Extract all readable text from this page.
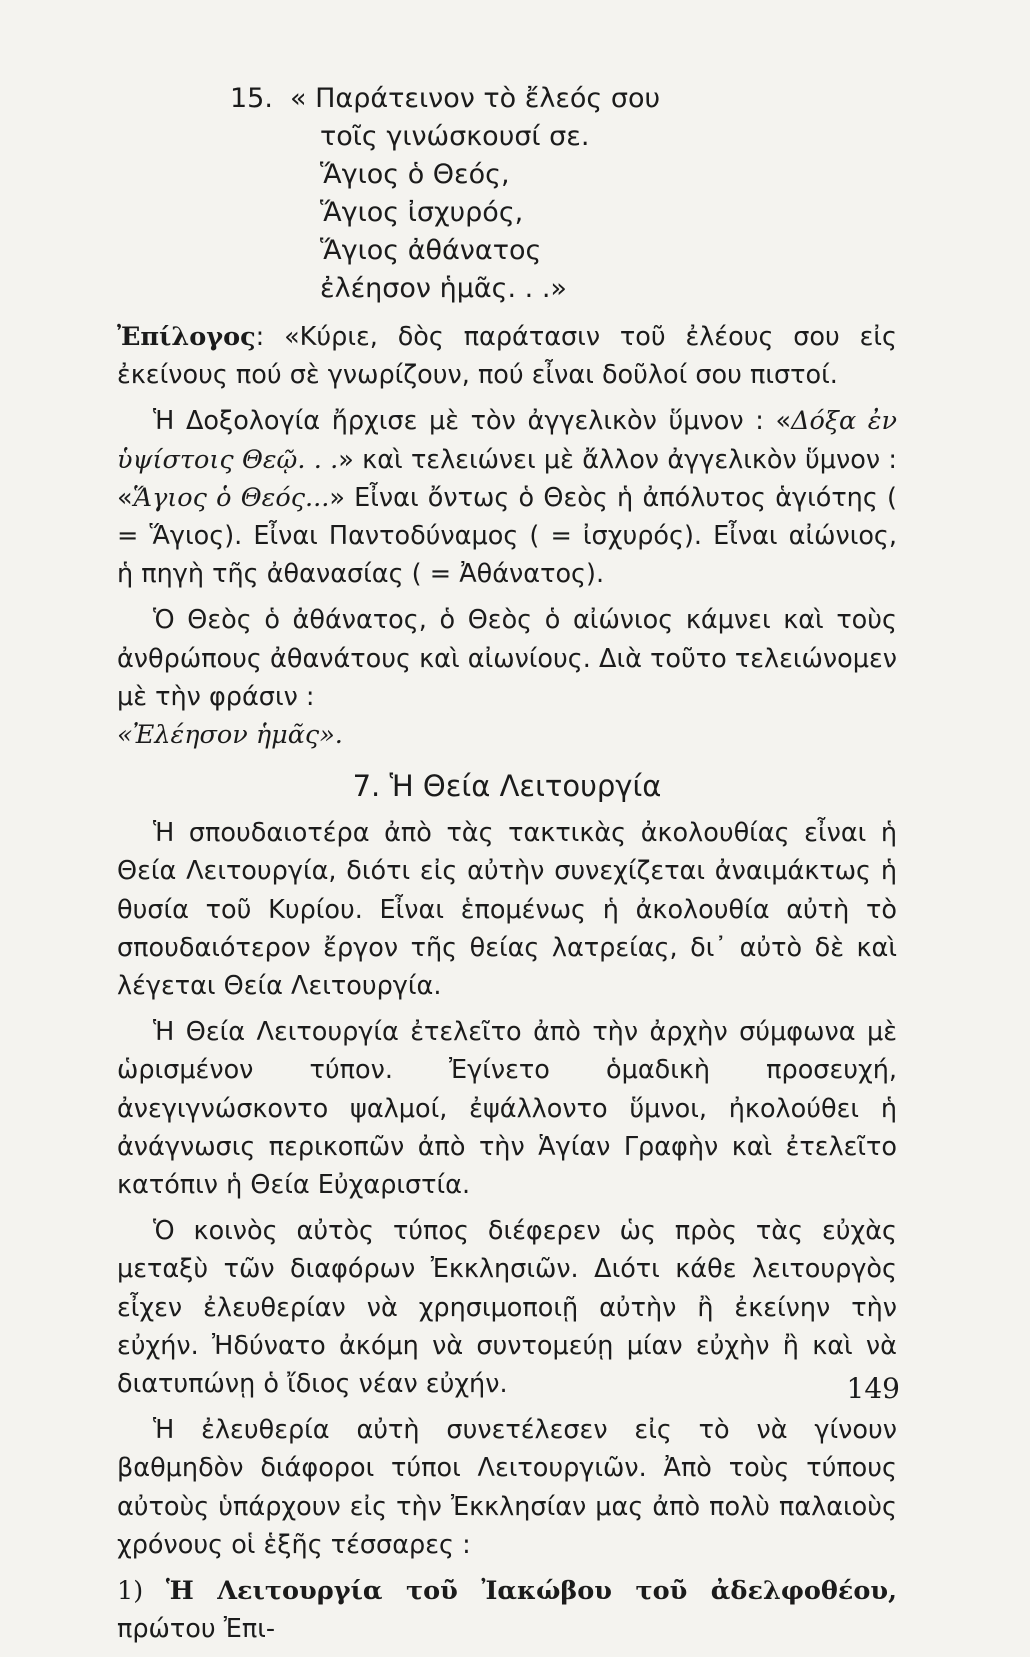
15. « Παράτεινον τὸ ἔλεός σου
τοῖς γινώσκουσί σε.
Ἅγιος ὁ Θεός,
Ἅγιος ἰσχυρός,
Ἅγιος ἀθάνατος
ἐλέησον ἡμᾶς. . .»

Ἐπίλογος: «Κύριε, δὸς παράτασιν τοῦ ἐλέους σου εἰς ἐκείνους πού σὲ γνωρίζουν, πού εἶναι δοῦλοί σου πιστοί.

Ἡ Δοξολογία ἤρχισε μὲ τὸν ἀγγελικὸν ὕμνον : «Δόξα ἐν ὑψίστοις Θεῷ. . .» καὶ τελειώνει μὲ ἄλλον ἀγγελικὸν ὕμνον : «Ἅγιος ὁ Θεός...» Εἶναι ὄντως ὁ Θεὸς ἡ ἀπόλυτος ἁγιότης ( = Ἅγιος). Εἶναι Παντοδύναμος ( = ἰσχυρός). Εἶναι αἰώνιος, ἡ πηγὴ τῆς ἀθανασίας ( = Ἀθάνατος).

Ὁ Θεὸς ὁ ἀθάνατος, ὁ Θεὸς ὁ αἰώνιος κάμνει καὶ τοὺς ἀνθρώπους ἀθανάτους καὶ αἰωνίους. Διὰ τοῦτο τελειώνομεν μὲ τὴν φράσιν :
«Ἐλέησον ἡμᾶς».

7. Ἡ Θεία Λειτουργία

Ἡ σπουδαιοτέρα ἀπὸ τὰς τακτικὰς ἀκολουθίας εἶναι ἡ Θεία Λειτουργία, διότι εἰς αὐτὴν συνεχίζεται ἀναιμάκτως ἡ θυσία τοῦ Κυρίου. Εἶναι ἑπομένως ἡ ἀκολουθία αὐτὴ τὸ σπουδαιότερον ἔργον τῆς θείας λατρείας, δι᾽ αὐτὸ δὲ καὶ λέγεται Θεία Λειτουργία.

Ἡ Θεία Λειτουργία ἐτελεῖτο ἀπὸ τὴν ἀρχὴν σύμφωνα μὲ ὡρισμένον τύπον. Ἐγίνετο ὁμαδικὴ προσευχή, ἀνεγιγνώσκοντο ψαλμοί, ἐψάλλοντο ὕμνοι, ἠκολούθει ἡ ἀνάγνωσις περικοπῶν ἀπὸ τὴν Ἁγίαν Γραφὴν καὶ ἐτελεῖτο κατόπιν ἡ Θεία Εὐχαριστία.

Ὁ κοινὸς αὐτὸς τύπος διέφερεν ὡς πρὸς τὰς εὐχὰς μεταξὺ τῶν διαφόρων Ἐκκλησιῶν. Διότι κάθε λειτουργὸς εἶχεν ἐλευθερίαν νὰ χρησιμοποιῇ αὐτὴν ἢ ἐκείνην τὴν εὐχήν. Ἠδύνατο ἀκόμη νὰ συντομεύῃ μίαν εὐχὴν ἢ καὶ νὰ διατυπώνῃ ὁ ἴδιος νέαν εὐχήν.

Ἡ ἐλευθερία αὐτὴ συνετέλεσεν εἰς τὸ νὰ γίνουν βαθμηδὸν διάφοροι τύποι Λειτουργιῶν. Ἀπὸ τοὺς τύπους αὐτοὺς ὑπάρχουν εἰς τὴν Ἐκκλησίαν μας ἀπὸ πολὺ παλαιοὺς χρόνους οἱ ἑξῆς τέσσαρες :

1) Ἡ Λειτουργία τοῦ Ἰακώβου τοῦ ἀδελφοθέου, πρώτου Ἐπι-

149
